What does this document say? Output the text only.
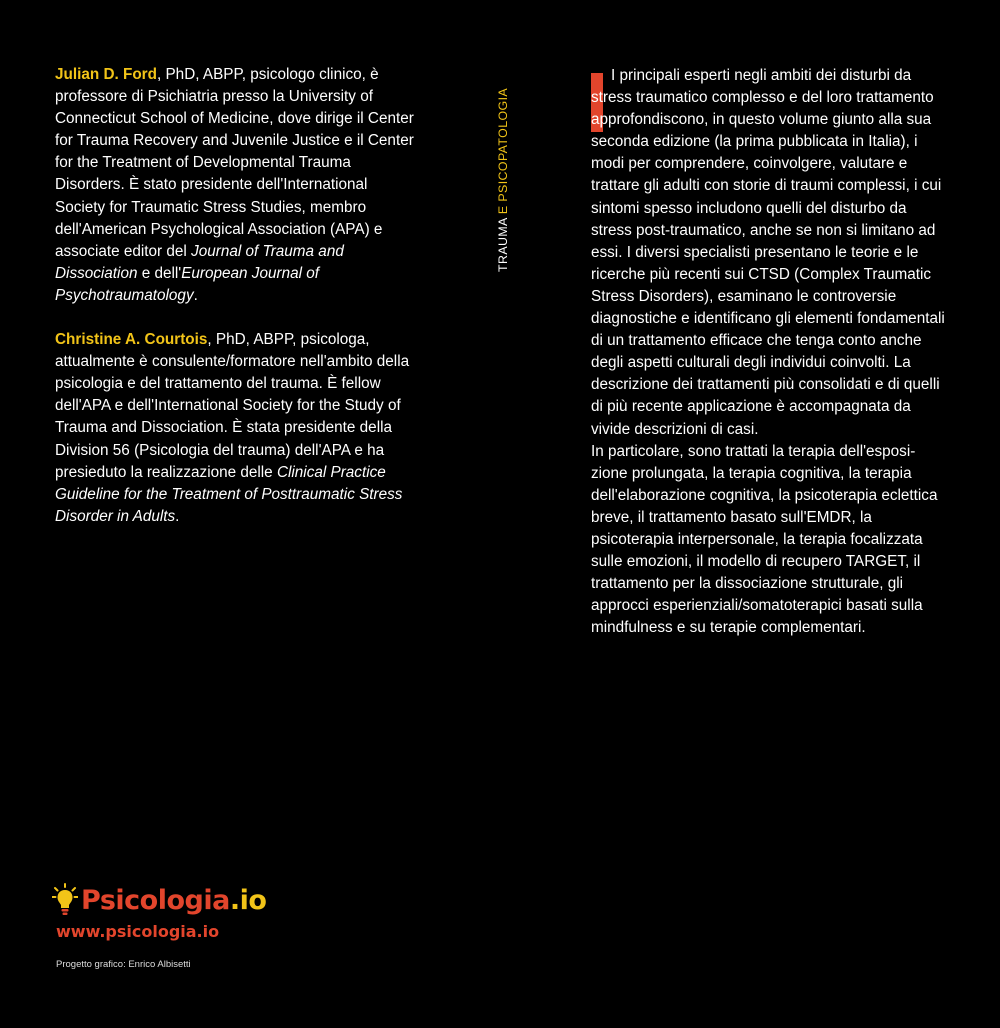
Julian D. Ford, PhD, ABPP, psicologo clinico, è professore di Psichiatria presso la University of Connecticut School of Medicine, dove dirige il Center for Trauma Recovery and Juvenile Justice e il Center for the Treatment of Developmental Trauma Disorders. È stato presidente dell'International Society for Traumatic Stress Studies, membro dell'American Psychological Association (APA) e associate editor del Journal of Trauma and Dissociation e dell'European Journal of Psychotraumatology.

Christine A. Courtois, PhD, ABPP, psicologa, attualmente è consulente/formatore nell'ambito della psicologia e del trattamento del trauma. È fellow dell'APA e dell'International Society for the Study of Trauma and Dissociation. È stata presidente della Division 56 (Psicologia del trauma) dell'APA e ha presieduto la realizzazione delle Clinical Practice Guideline for the Treatment of Posttraumatic Stress Disorder in Adults.

TRAUMA E PSICOPATOLOGIA

I principali esperti negli ambiti dei disturbi da stress traumatico complesso e del loro trattamento approfondiscono, in questo volume giunto alla sua seconda edizione (la prima pubblicata in Italia), i modi per comprendere, coinvolgere, valutare e trattare gli adulti con storie di traumi complessi, i cui sintomi spesso includono quelli del disturbo da stress post-traumatico, anche se non si limitano ad essi. I diversi specialisti presentano le teorie e le ricerche più recenti sui CTSD (Complex Traumatic Stress Disorders), esaminano le controversie diagnostiche e identificano gli elementi fondamentali di un trattamento efficace che tenga conto anche degli aspetti culturali degli individui coinvolti. La descrizione dei trattamenti più consolidati e di quelli di più recente applicazione è accompagnata da vivide descrizioni di casi.

In particolare, sono trattati la terapia dell'esposizione prolungata, la terapia cognitiva, la terapia dell'elaborazione cognitiva, la psicoterapia eclettica breve, il trattamento basato sull'EMDR, la psicoterapia interpersonale, la terapia focalizzata sulle emozioni, il modello di recupero TARGET, il trattamento per la dissociazione strutturale, gli approcci esperienziali/somatoterapici basati sulla mindfulness e su terapie complementari.

Psicologia.io
www.psicologia.io
Progetto grafico: Enrico Albisetti
